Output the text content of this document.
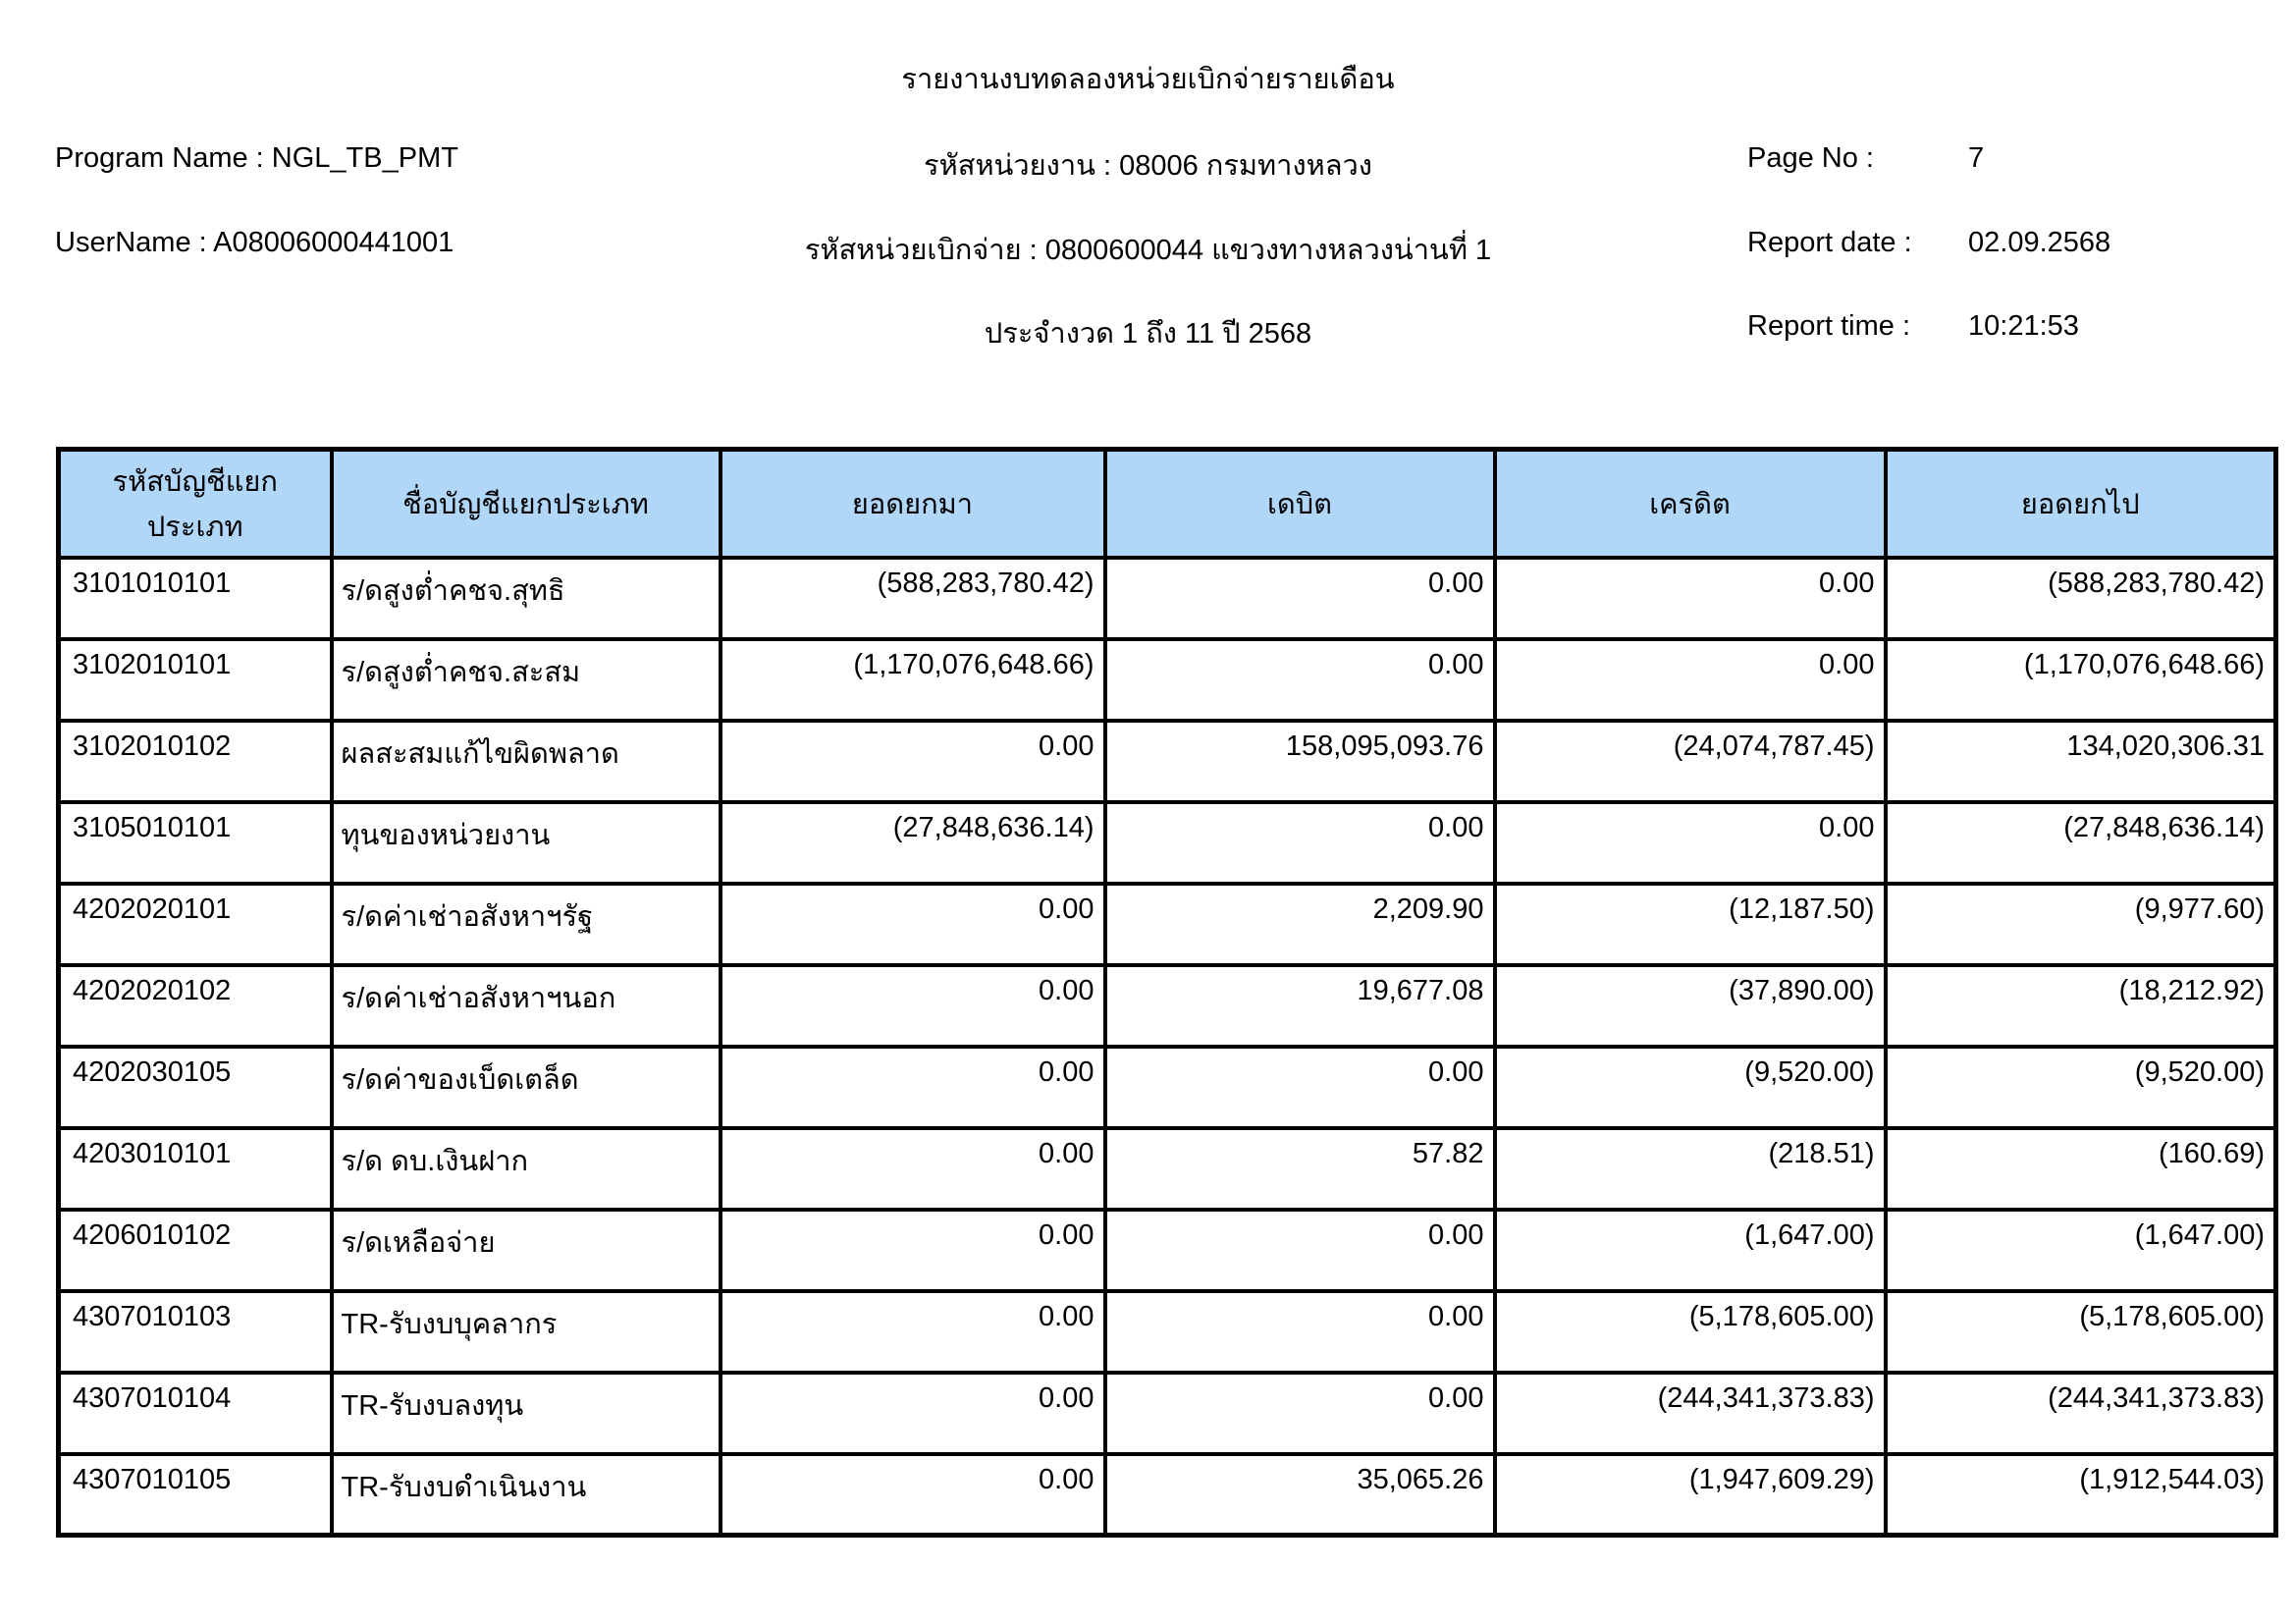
รายงานงบทดลองหน่วยเบิกจ่ายรายเดือน
Program Name : NGL_TB_PMT	รหัสหน่วยงาน : 08006 กรมทางหลวง	Page No :	7
UserName : A08006000441001	รหัสหน่วยเบิกจ่าย : 0800600044 แขวงทางหลวงน่านที่ 1	Report date : 02.09.2568
ประจำงวด 1 ถึง 11 ปี 2568	Report time : 10:21:53
รหัสบัญชีแยกประเภท	ชื่อบัญชีแยกประเภท	ยอดยกมา	เดบิต	เครดิต	ยอดยกไป
3101010101	ร/ดสูงต่ำคชจ.สุทธิ	(588,283,780.42)	0.00	0.00	(588,283,780.42)
3102010101	ร/ดสูงต่ำคชจ.สะสม	(1,170,076,648.66)	0.00	0.00	(1,170,076,648.66)
3102010102	ผลสะสมแก้ไขผิดพลาด	0.00	158,095,093.76	(24,074,787.45)	134,020,306.31
3105010101	ทุนของหน่วยงาน	(27,848,636.14)	0.00	0.00	(27,848,636.14)
4202020101	ร/ดค่าเช่าอสังหาฯรัฐ	0.00	2,209.90	(12,187.50)	(9,977.60)
4202020102	ร/ดค่าเช่าอสังหาฯนอก	0.00	19,677.08	(37,890.00)	(18,212.92)
4202030105	ร/ดค่าของเบ็ดเตล็ด	0.00	0.00	(9,520.00)	(9,520.00)
4203010101	ร/ด ดบ.เงินฝาก	0.00	57.82	(218.51)	(160.69)
4206010102	ร/ดเหลือจ่าย	0.00	0.00	(1,647.00)	(1,647.00)
4307010103	TR-รับงบบุคลากร	0.00	0.00	(5,178,605.00)	(5,178,605.00)
4307010104	TR-รับงบลงทุน	0.00	0.00	(244,341,373.83)	(244,341,373.83)
4307010105	TR-รับงบดำเนินงาน	0.00	35,065.26	(1,947,609.29)	(1,912,544.03)
